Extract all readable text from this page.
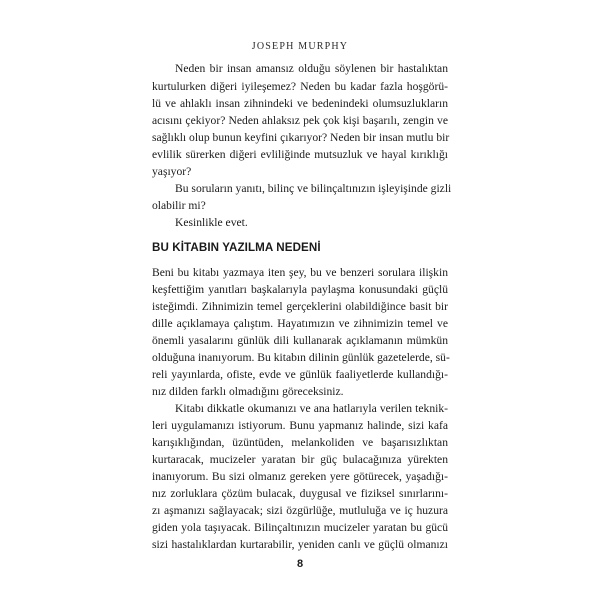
JOSEPH MURPHY
Neden bir insan amansız olduğu söylenen bir hastalıktan
kurtulurken diğeri iyileşemez? Neden bu kadar fazla hoşgörü-
lü ve ahlaklı insan zihnindeki ve bedenindeki olumsuzlukların
acısını çekiyor? Neden ahlaksız pek çok kişi başarılı, zengin ve
sağlıklı olup bunun keyfini çıkarıyor? Neden bir insan mutlu bir
evlilik sürerken diğeri evliliğinde mutsuzluk ve hayal kırıklığı
yaşıyor?
Bu soruların yanıtı, bilinç ve bilinçaltınızın işleyişinde gizli
olabilir mi?
Kesinlikle evet.
BU KİTABIN YAZILMA NEDENİ
Beni bu kitabı yazmaya iten şey, bu ve benzeri sorulara ilişkin
keşfettiğim yanıtları başkalarıyla paylaşma konusundaki güçlü
isteğimdi. Zihnimizin temel gerçeklerini olabildiğince basit bir
dille açıklamaya çalıştım. Hayatımızın ve zihnimizin temel ve
önemli yasalarını günlük dili kullanarak açıklamanın mümkün
olduğuna inanıyorum. Bu kitabın dilinin günlük gazetelerde, sü-
reli yayınlarda, ofiste, evde ve günlük faaliyetlerde kullandığı-
nız dilden farklı olmadığını göreceksiniz.
Kitabı dikkatle okumanızı ve ana hatlarıyla verilen teknik-
leri uygulamanızı istiyorum. Bunu yapmanız halinde, sizi kafa
karışıklığından, üzüntüden, melankoliden ve başarısızlıktan
kurtaracak, mucizeler yaratan bir güç bulacağınıza yürekten
inanıyorum. Bu sizi olmanız gereken yere götürecek, yaşadığı-
nız zorluklara çözüm bulacak, duygusal ve fiziksel sınırlarını-
zı aşmanızı sağlayacak; sizi özgürlüğe, mutluluğa ve iç huzura
giden yola taşıyacak. Bilinçaltınızın mucizeler yaratan bu gücü
sizi hastalıklardan kurtarabilir, yeniden canlı ve güçlü olmanızı
8
